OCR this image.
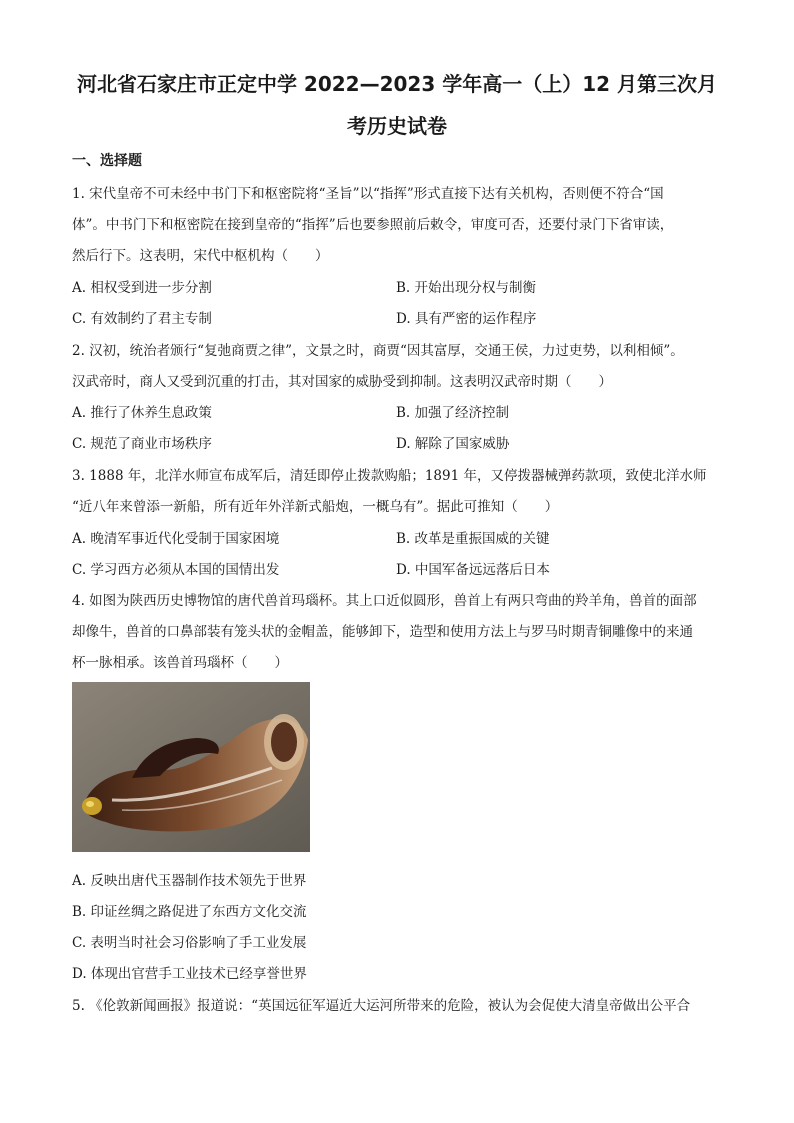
河北省石家庄市正定中学 2022—2023 学年高一（上）12 月第三次月
考历史试卷
一、选择题
1. 宋代皇帝不可未经中书门下和枢密院将“圣旨”以“指挥”形式直接下达有关机构，否则便不符合“国
体”。中书门下和枢密院在接到皇帝的“指挥”后也要参照前后敕令，审度可否，还要付录门下省审读，
然后行下。这表明，宋代中枢机构（　　）
A. 相权受到进一步分割	B. 开始出现分权与制衡
C. 有效制约了君主专制	D. 具有严密的运作程序
2. 汉初，统治者颁行“复弛商贾之律”，文景之时，商贾“因其富厚，交通王侯，力过吏势，以利相倾”。
汉武帝时，商人又受到沉重的打击，其对国家的威胁受到抑制。这表明汉武帝时期（　　）
A. 推行了休养生息政策	B. 加强了经济控制
C. 规范了商业市场秩序	D. 解除了国家威胁
3. 1888 年，北洋水师宣布成军后，清廷即停止拨款购船；1891 年，又停拨器械弹药款项，致使北洋水师
“近八年来曾添一新船，所有近年外洋新式船炮，一概乌有”。据此可推知（　　）
A. 晚清军事近代化受制于国家困境	B. 改革是重振国威的关键
C. 学习西方必须从本国的国情出发	D. 中国军备远远落后日本
4. 如图为陕西历史博物馆的唐代兽首玛瑙杯。其上口近似圆形，兽首上有两只弯曲的羚羊角，兽首的面部
却像牛，兽首的口鼻部装有笼头状的金帽盖，能够卸下，造型和使用方法上与罗马时期青铜雕像中的来通
杯一脉相承。该兽首玛瑙杯（　　）
A. 反映出唐代玉器制作技术领先于世界
B. 印证丝绸之路促进了东西方文化交流
C. 表明当时社会习俗影响了手工业发展
D. 体现出官营手工业技术已经享誉世界
5. 《伦敦新闻画报》报道说：“英国远征军逼近大运河所带来的危险，被认为会促使大清皇帝做出公平合
